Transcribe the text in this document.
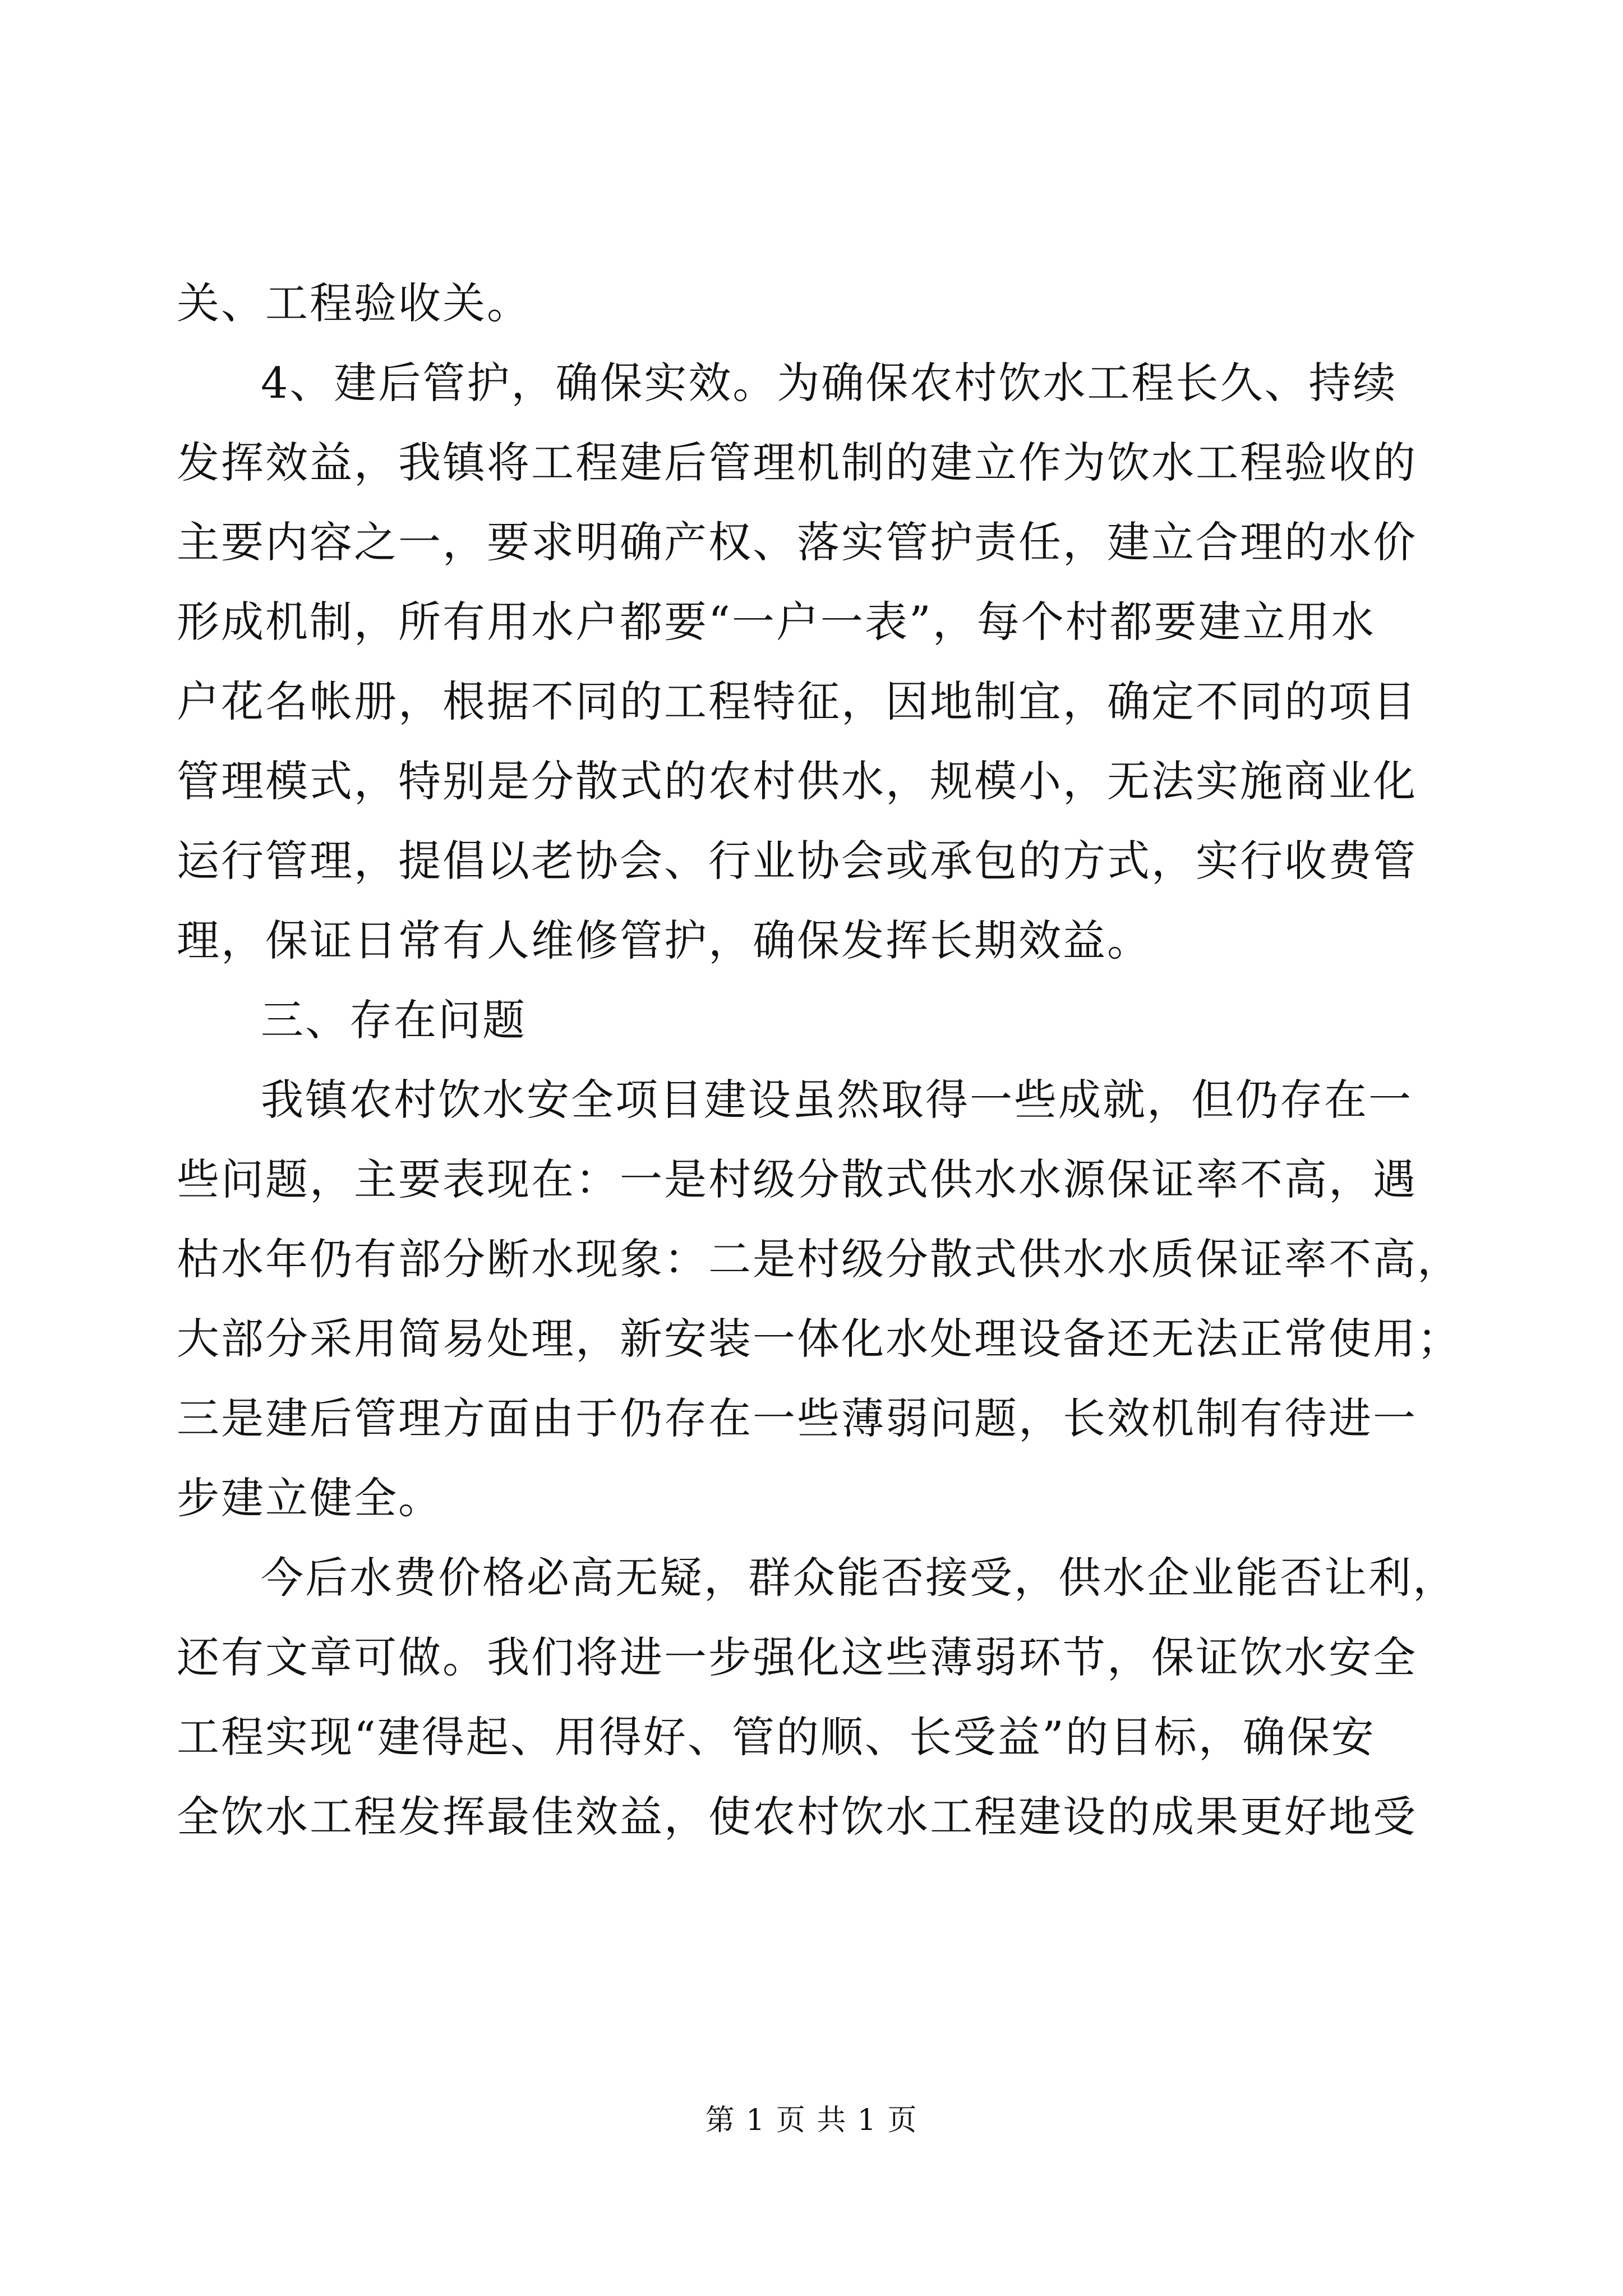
关、工程验收关。
4、建后管护，确保实效。为确保农村饮水工程长久、持续
发挥效益，我镇将工程建后管理机制的建立作为饮水工程验收的
主要内容之一，要求明确产权、落实管护责任，建立合理的水价
形成机制，所有用水户都要“一户一表”，每个村都要建立用水
户花名帐册，根据不同的工程特征，因地制宜，确定不同的项目
管理模式，特别是分散式的农村供水，规模小，无法实施商业化
运行管理，提倡以老协会、行业协会或承包的方式，实行收费管
理，保证日常有人维修管护，确保发挥长期效益。
三、存在问题
我镇农村饮水安全项目建设虽然取得一些成就，但仍存在一
些问题，主要表现在：一是村级分散式供水水源保证率不高，遇
枯水年仍有部分断水现象：二是村级分散式供水水质保证率不高，
大部分采用简易处理，新安装一体化水处理设备还无法正常使用；
三是建后管理方面由于仍存在一些薄弱问题，长效机制有待进一
步建立健全。
今后水费价格必高无疑，群众能否接受，供水企业能否让利，
还有文章可做。我们将进一步强化这些薄弱环节，保证饮水安全
工程实现“建得起、用得好、管的顺、长受益”的目标，确保安
全饮水工程发挥最佳效益，使农村饮水工程建设的成果更好地受
第 1 页 共 1 页
